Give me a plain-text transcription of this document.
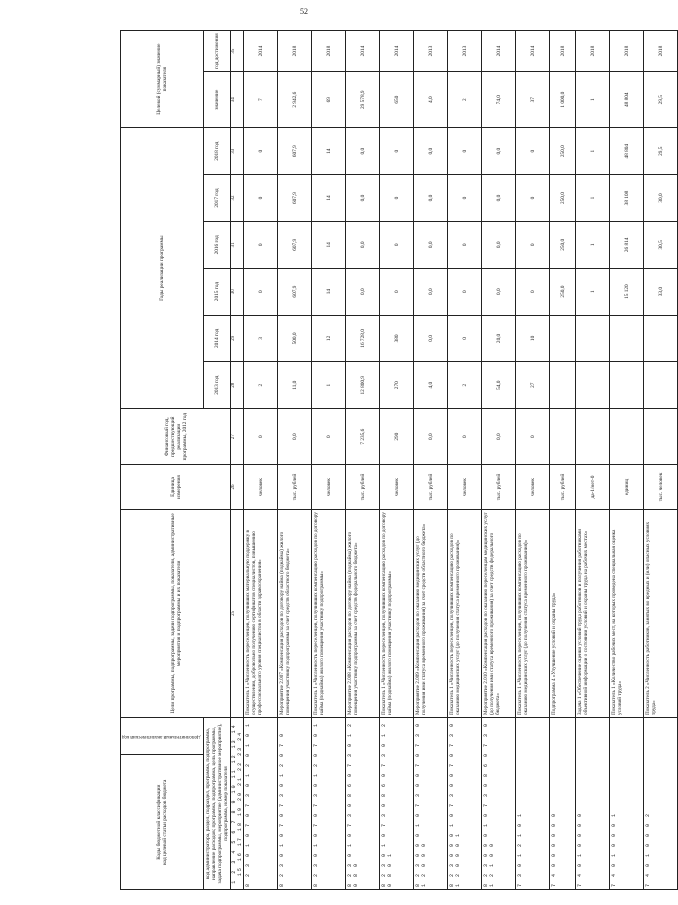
52
Коды бюджетной классификации
код целевой статьи расходов бюджета	Дополнительный аналитический код	Цели программы, подпрограммы, задачи подпрограммы, показатели, административные мероприятия и подпрограммы и их показатели	Единица измерения	Финансовый год, предшествующий реализации программы, 2012 год	Годы реализации программы						Целевой (суммарный) значение показателя	
код администратора, раздел, подраздел, программа, подпрограмма, направление расходов; программа, подпрограмма, цель программы, задача подпрограммы, мероприятие (административное мероприятие), подпрограмма, номер показателя					2013 год	2014 год	2015 год	2016 год	2017 год	2018 год	значение	год достижения
1 2 3 4 5 6 7 8 9 10 11 12 13 14 15 16 17 18 19 20 21 22 23 24		25	26	27	28	29	30	31	32	33	34	35
8 2 3 0 1 0 7 0 7 3 0 1 2 0 1 0 1		Показатель 1 «Численность переселенцев, получивших материальную поддержку в осуществлении, добровольно получению сертификатов специалистов, повышению профессионального уровня специалистов в области здравоохранения»	человек	0	2	3	0	0	0	0	7	2014
8 2 3 0 1 0 7 0 7 3 0 1 2 0 7 0		Мероприятие 2.007 «Компенсация расходов по договору найма (поднайма) жилого помещения участнику подпрограммы за счет средств областного бюджета»	тыс. рублей	0,0	11,0	500,0	607,9	607,9	607,9	607,9	2 942,6	2018
8 2 3 0 1 0 7 0 7 3 0 1 2 0 7 0 1		Показатель 1 «Численность переселенцев, получивших компенсацию расходов по договору найма (поднайма) жилого помещения участнику подпрограммы»	человек	0	1	12	14	14	14	14	69	2018
8 2 3 0 1 0 7 3 0 8 6 0 7 3 0 1 2 0 8 0		Мероприятие 2.008 «Компенсация расходов по договору найма (поднайма) жилого помещения участнику подпрограммы за счет средств федерального бюджета»	тыс. рублей	7 235,6	12 800,9	16 728,0	0,0	0,0	0,0	0,0	29 578,9	2014
8 2 3 0 1 0 7 3 0 8 6 0 7 3 0 1 2 0 8 0 1		Показатель 1 «Численность переселенцев, получивших компенсацию расходов по договору найма (поднайма) жилого помещения участнику подпрограммы»	человек	290	270	380	0	0	0	0	650	2014
8 2 3 0 9 0 1 0 7 3 0 0 7 0 7 3 0 1 2 0 9 0		Мероприятие 2.009 «Компенсация расходов по оказанию медицинских услуг (до получения ими статуса временного проживания) за счет средств областного бюджета»	тыс. рублей	0,0	4,0	0,0	0,0	0,0	0,0	0,0	4,0	2013
8 2 3 0 9 0 1 0 7 3 0 0 7 0 7 3 0 1 2 0 9 0 1		Показатель 1 «Численность переселенцев, получивших компенсацию расходов по оказанию медицинских услуг (до получения статуса временного проживания)»	человек	0	2	0	0	0	0	0	2	2013
8 2 3 0 9 0 1 0 7 3 0 8 6 0 7 3 0 1 2 1 0 0		Мероприятие 2.010 «Компенсация расходов по оказанию переселенцам медицинских услуг (до получения ими статуса временного проживания) за счет средств федерального бюджета»	тыс. рублей	0,0	54,0	20,0	0,0	0,0	0,0	0,0	74,0	2014
7 3 0 1 2 1 0 1		Показатель 1 «Численность переселенцев, получивших компенсацию расходов по оказанию медицинских услуг (до получения статуса временного проживания)»	человек	0	27	10	0	0	0	0	37	2014
7 4 0 0 0 0 0 0		Подпрограмма 4 «Улучшение условий и охраны труда»	тыс. рублей				250,0	250,0	250,0	250,0	1 000,0	2018
7 4 0 1 0 0 0 0		Задача 1 «Обеспечение оценки условий труда работников и получения работниками объективной информации о состоянии условий и охраны труда на рабочих местах»	да-1/нет-0				1	1	1	1	1	2018
7 4 0 1 0 0 0 1		Показатель 1 «Количество рабочих мест, на которых проведена специальная оценка условий труда»	единиц				15 120	26 814	38 108	48 804	48 804	2018
7 4 0 1 0 0 0 2		Показатель 2 «Численность работников, занятых во вредных и (или) опасных условиях труда»	тыс. человек				33,0	30,5	30,0	29,5	29,5	2018
